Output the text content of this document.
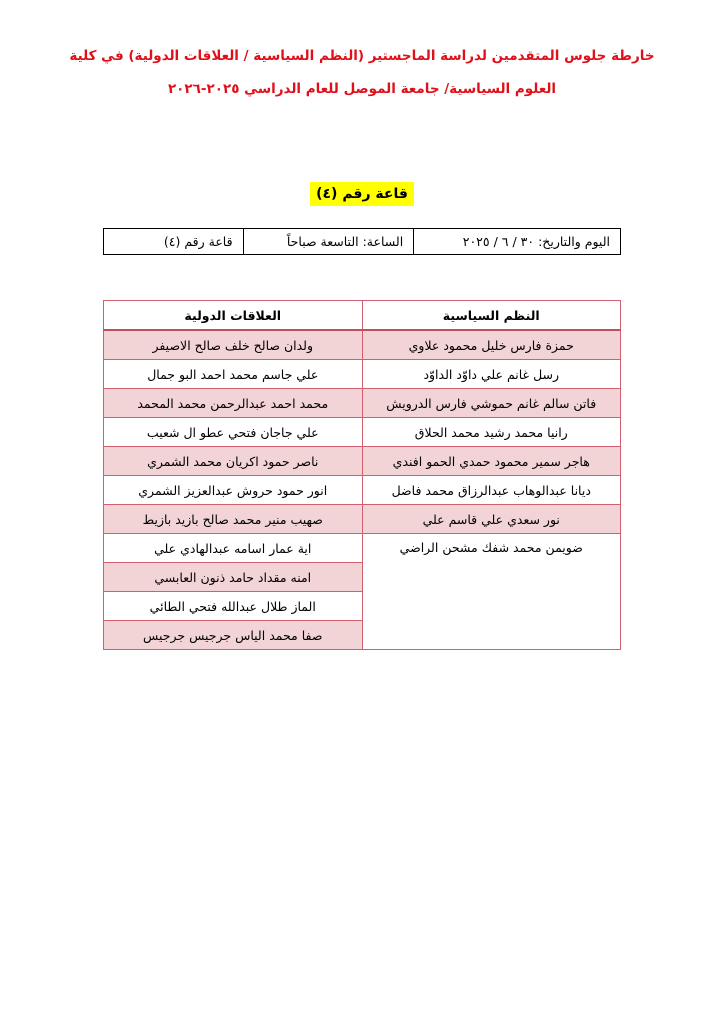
خارطة جلوس المتقدمين لدراسة الماجستير (النظم السياسية / العلاقات الدولية) في كلية
العلوم السياسية/ جامعة الموصل للعام الدراسي ٢٠٢٥-٢٠٢٦
قاعة رقم (٤)
اليوم والتاريخ: ٣٠ / ٦ / ٢٠٢٥	الساعة: التاسعة صباحاً	قاعة رقم (٤)
النظم السياسية	العلاقات الدولية
حمزة فارس خليل محمود علاوي	ولدان صالح خلف صالح الاصيفر
رسل غانم علي داوّد الداوّد	علي جاسم محمد احمد البو جمال
فاتن سالم غانم حموشي فارس الدرويش	محمد احمد عبدالرحمن محمد المحمد
رانيا محمد رشيد محمد الحلاق	علي جاجان فتحي عطو ال شعيب
هاجر سمير محمود حمدي الحمو افندي	ناصر حمود اكريان محمد الشمري
ديانا عبدالوهاب عبدالرزاق محمد فاضل	انور حمود حروش عبدالعزيز الشمري
نور سعدي علي قاسم علي	صهيب منير محمد صالح بازيد بازيط
ضويمن محمد شفك مشحن الراضي	اية عمار اسامه عبدالهادي علي
	امنه مقداد حامد ذنون العابسي
	الماز طلال عبدالله فتحي الطائي
	صفا محمد الياس جرجيس جرجيس
